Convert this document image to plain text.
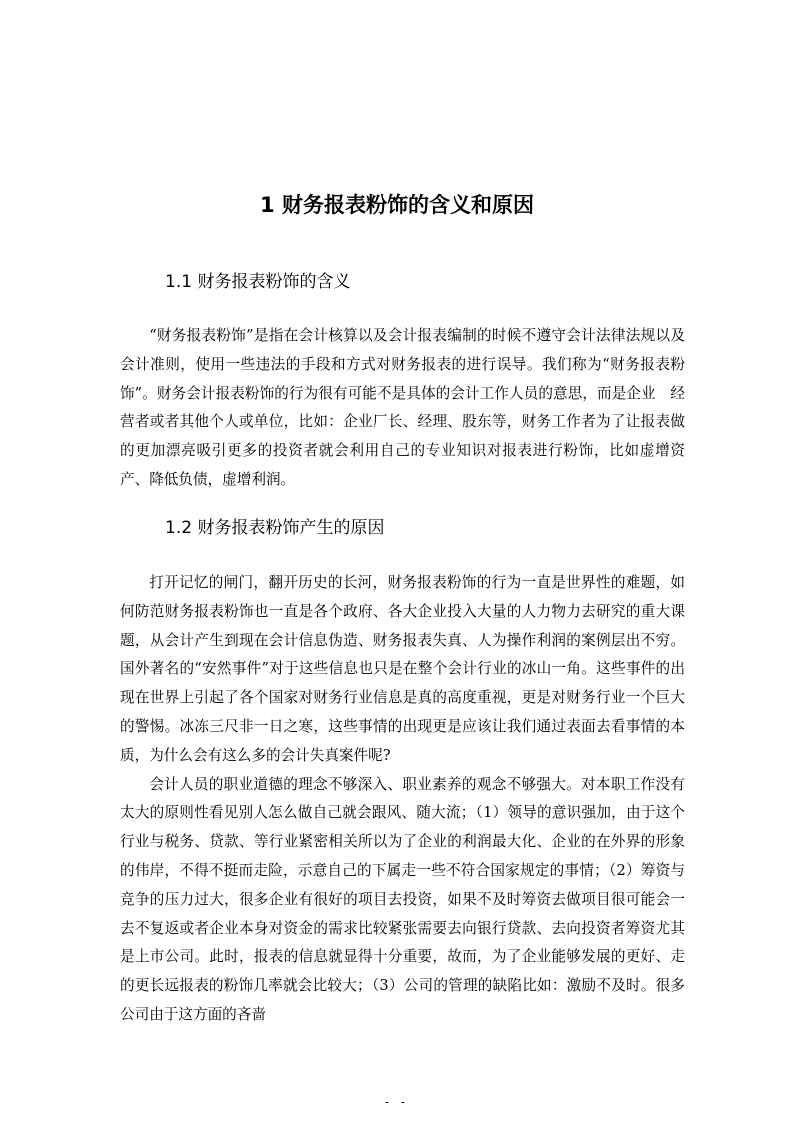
1 财务报表粉饰的含义和原因
1.1 财务报表粉饰的含义

“财务报表粉饰”是指在会计核算以及会计报表编制的时候不遵守会计法律法规以及会计准则，使用一些违法的手段和方式对财务报表的进行误导。我们称为“财务报表粉饰”。财务会计报表粉饰的行为很有可能不是具体的会计工作人员的意思，而是企业　经营者或者其他个人或单位，比如：企业厂长、经理、股东等，财务工作者为了让报表做的更加漂亮吸引更多的投资者就会利用自己的专业知识对报表进行粉饰，比如虚增资产、降低负债，虚增利润。

1.2 财务报表粉饰产生的原因

打开记忆的闸门，翻开历史的长河，财务报表粉饰的行为一直是世界性的难题，如何防范财务报表粉饰也一直是各个政府、各大企业投入大量的人力物力去研究的重大课题，从会计产生到现在会计信息伪造、财务报表失真、人为操作利润的案例层出不穷。国外著名的“安然事件”对于这些信息也只是在整个会计行业的冰山一角。这些事件的出现在世界上引起了各个国家对财务行业信息是真的高度重视，更是对财务行业一个巨大的警惕。冰冻三尺非一日之寒，这些事情的出现更是应该让我们通过表面去看事情的本质，为什么会有这么多的会计失真案件呢?

会计人员的职业道德的理念不够深入、职业素养的观念不够强大。对本职工作没有太大的原则性看见别人怎么做自己就会跟风、随大流；（1）领导的意识强加，由于这个行业与税务、贷款、等行业紧密相关所以为了企业的利润最大化、企业的在外界的形象的伟岸，不得不挺而走险，示意自己的下属走一些不符合国家规定的事情；（2）筹资与竞争的压力过大，很多企业有很好的项目去投资，如果不及时筹资去做项目很可能会一去不复返或者企业本身对资金的需求比较紧张需要去向银行贷款、去向投资者筹资尤其是上市公司。此时，报表的信息就显得十分重要，故而，为了企业能够发展的更好、走的更长远报表的粉饰几率就会比较大；（3）公司的管理的缺陷比如：激励不及时。很多公司由于这方面的吝啬

- -
